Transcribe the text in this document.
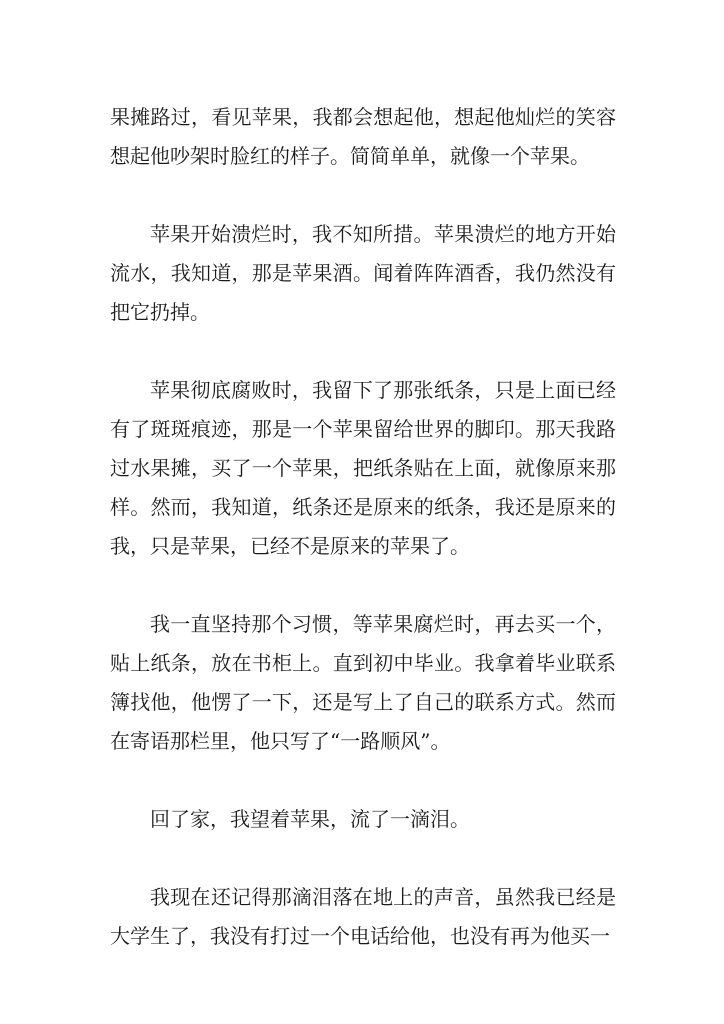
果摊路过，看见苹果，我都会想起他，想起他灿烂的笑容想起他吵架时脸红的样子。简简单单，就像一个苹果。

苹果开始溃烂时，我不知所措。苹果溃烂的地方开始流水，我知道，那是苹果酒。闻着阵阵酒香，我仍然没有把它扔掉。

苹果彻底腐败时，我留下了那张纸条，只是上面已经有了斑斑痕迹，那是一个苹果留给世界的脚印。那天我路过水果摊，买了一个苹果，把纸条贴在上面，就像原来那样。然而，我知道，纸条还是原来的纸条，我还是原来的我，只是苹果，已经不是原来的苹果了。

我一直坚持那个习惯，等苹果腐烂时，再去买一个，贴上纸条，放在书柜上。直到初中毕业。我拿着毕业联系簿找他，他愣了一下，还是写上了自己的联系方式。然而在寄语那栏里，他只写了“一路顺风”。

回了家，我望着苹果，流了一滴泪。

我现在还记得那滴泪落在地上的声音，虽然我已经是大学生了，我没有打过一个电话给他，也没有再为他买一
